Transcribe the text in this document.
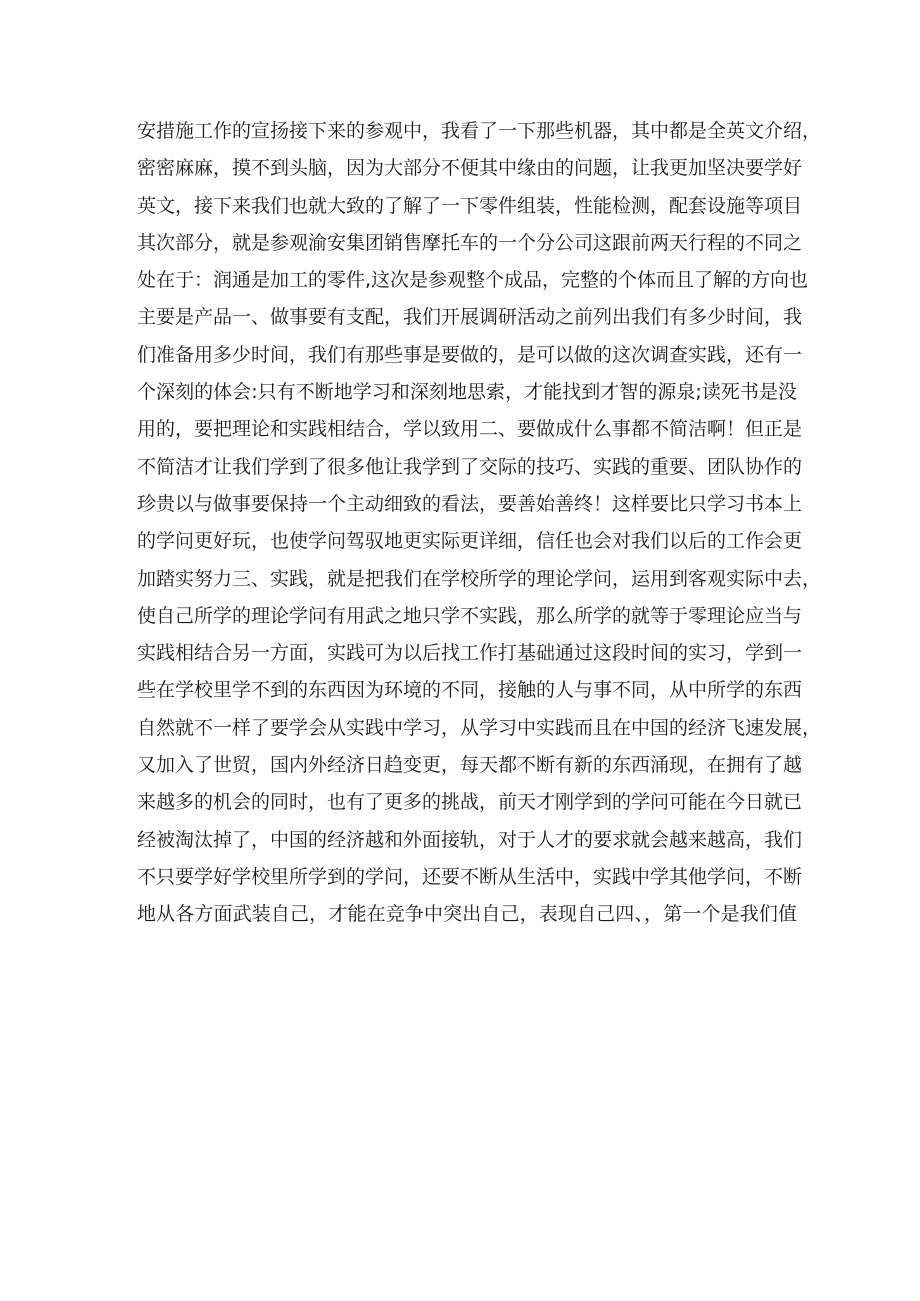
安措施工作的宣扬接下来的参观中，我看了一下那些机器，其中都是全英文介绍，
密密麻麻，摸不到头脑，因为大部分不便其中缘由的问题，让我更加坚决要学好
英文，接下来我们也就大致的了解了一下零件组装，性能检测，配套设施等项目
其次部分，就是参观渝安集团销售摩托车的一个分公司这跟前两天行程的不同之
处在于：润通是加工的零件,这次是参观整个成品，完整的个体而且了解的方向也
主要是产品一、做事要有支配，我们开展调研活动之前列出我们有多少时间，我
们准备用多少时间，我们有那些事是要做的，是可以做的这次调查实践，还有一
个深刻的体会:只有不断地学习和深刻地思索，才能找到才智的源泉;读死书是没
用的，要把理论和实践相结合，学以致用二、要做成什么事都不简洁啊！但正是
不简洁才让我们学到了很多他让我学到了交际的技巧、实践的重要、团队协作的
珍贵以与做事要保持一个主动细致的看法，要善始善终！这样要比只学习书本上
的学问更好玩，也使学问驾驭地更实际更详细，信任也会对我们以后的工作会更
加踏实努力三、实践，就是把我们在学校所学的理论学问，运用到客观实际中去，
使自己所学的理论学问有用武之地只学不实践，那么所学的就等于零理论应当与
实践相结合另一方面，实践可为以后找工作打基础通过这段时间的实习，学到一
些在学校里学不到的东西因为环境的不同，接触的人与事不同，从中所学的东西
自然就不一样了要学会从实践中学习，从学习中实践而且在中国的经济飞速发展，
又加入了世贸，国内外经济日趋变更，每天都不断有新的东西涌现，在拥有了越
来越多的机会的同时，也有了更多的挑战，前天才刚学到的学问可能在今日就已
经被淘汰掉了，中国的经济越和外面接轨，对于人才的要求就会越来越高，我们
不只要学好学校里所学到的学问，还要不断从生活中，实践中学其他学问，不断
地从各方面武装自己，才能在竞争中突出自己，表现自己四、，第一个是我们值
